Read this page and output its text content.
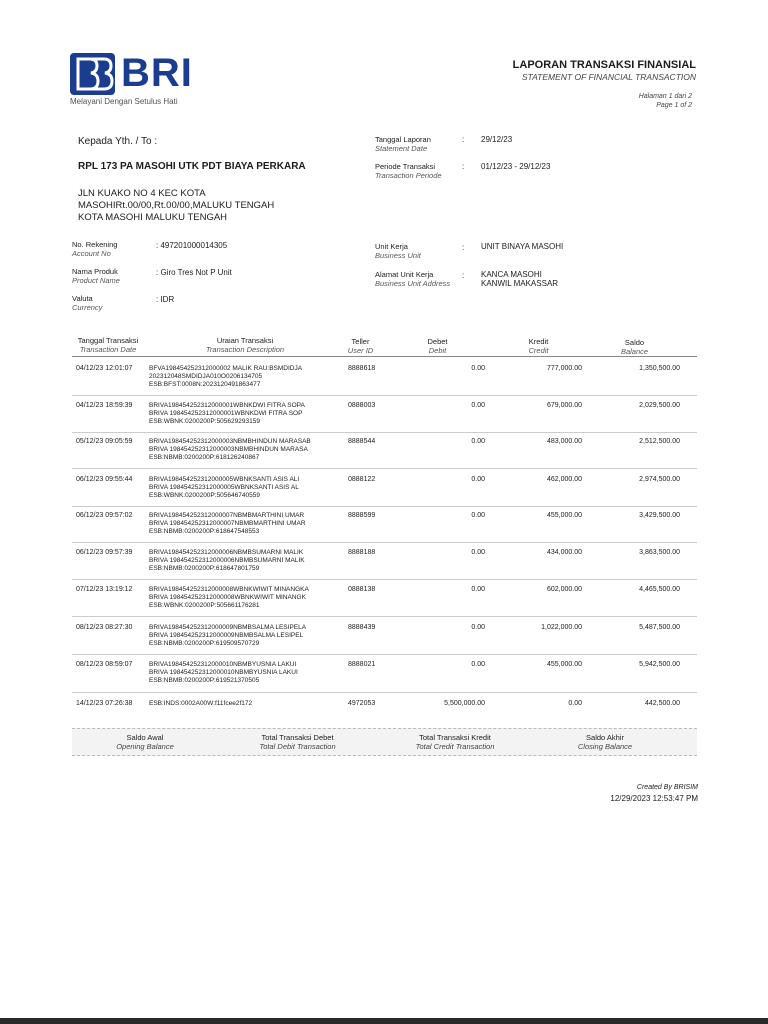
BRI
Melayani Dengan Setulus Hati
LAPORAN TRANSAKSI FINANSIAL
STATEMENT OF FINANCIAL TRANSACTION
Halaman 1 dari 2
Page 1 of 2
Kepada Yth. / To :
RPL 173 PA MASOHI UTK PDT BIAYA PERKARA
JLN KUAKO NO 4 KEC KOTA
MASOHIRt.00/00,Rt.00/00,MALUKU TENGAH
KOTA MASOHI MALUKU TENGAH
Tanggal Laporan
Statement Date
: 29/12/23
Periode Transaksi
Transaction Periode
: 01/12/23 - 29/12/23
No. Rekening
Account No
: 497201000014305
Nama Produk
Product Name
: Giro Tres Not P Unit
Valuta
Currency
: IDR
Unit Kerja
Business Unit
: UNIT BINAYA MASOHI
Alamat Unit Kerja
Business Unit Address
: KANCA MASOHI
KANWIL MAKASSAR
Tanggal Transaksi
Transaction Date
Uraian Transaksi
Transaction Description
Teller
User ID
Debet
Debit
Kredit
Credit
Saldo
Balance
04/12/23 12:01:07	BFVA198454252312000002 MALIK RAU:BSMDIDJA
202312048SMDIDJA010O0206134705
ESB:BFST:0008N:2023120491863477
8888618	0.00	777,000.00	1,350,500.00
04/12/23 18:59:39	BRIVA198454252312000001WBNKDWI FITRA SOPA
BRIVA 198454252312000001WBNKDWI FITRA SOP
ESB:WBNK:0200200P:505629293159
0888003	0.00	679,000.00	2,029,500.00
05/12/23 09:05:59	BRIVA198454252312000003NBMBHINDUN MARASAB
BRIVA 198454252312000003NBMBHINDUN MARASA
ESB:NBMB:0200200P:618126240867
8888544	0.00	483,000.00	2,512,500.00
06/12/23 09:55:44	BRIVA198454252312000005WBNKSANTI ASIS ALI
BRIVA 198454252312000005WBNKSANTI ASIS AL
ESB:WBNK:0200200P:505646740559
0888122	0.00	462,000.00	2,974,500.00
06/12/23 09:57:02	BRIVA198454252312000007NBMBMARTHINI UMAR
BRIVA 198454252312000007NBMBMARTHINI UMAR
ESB:NBMB:0200200P:618647548553
8888599	0.00	455,000.00	3,429,500.00
06/12/23 09:57:39	BRIVA198454252312000006NBMBSUMARNI MALIK
BRIVA 198454252312000006NBMBSUMARNI MALIK
ESB:NBMB:0200200P:618647801759
8888188	0.00	434,000.00	3,863,500.00
07/12/23 13:19:12	BRIVA198454252312000008WBNKWIWIT MINANGKA
BRIVA 198454252312000008WBNKWIWIT MINANGK
ESB:WBNK:0200200P:505661176281
0888138	0.00	602,000.00	4,465,500.00
08/12/23 08:27:30	BRIVA198454252312000009NBMBSALMA LESIPELA
BRIVA 198454252312000009NBMBSALMA LESIPEL
ESB:NBMB:0200200P:619509570729
8888439	0.00	1,022,000.00	5,487,500.00
08/12/23 08:59:07	BRIVA198454252312000010NBMBYUSNIA LAKUI
BRIVA 198454252312000010NBMBYUSNIA LAKUI
ESB:NBMB:0200200P:619521370505
8888021	0.00	455,000.00	5,942,500.00
14/12/23 07:26:38	ESB:INDS:0002A00W:f11fcee2f172	4972053	5,500,000.00	0.00	442,500.00
Saldo Awal
Opening Balance
Total Transaksi Debet
Total Debit Transaction
Total Transaksi Kredit
Total Credit Transaction
Saldo Akhir
Closing Balance
Created By BRISIM
12/29/2023 12:53:47 PM
